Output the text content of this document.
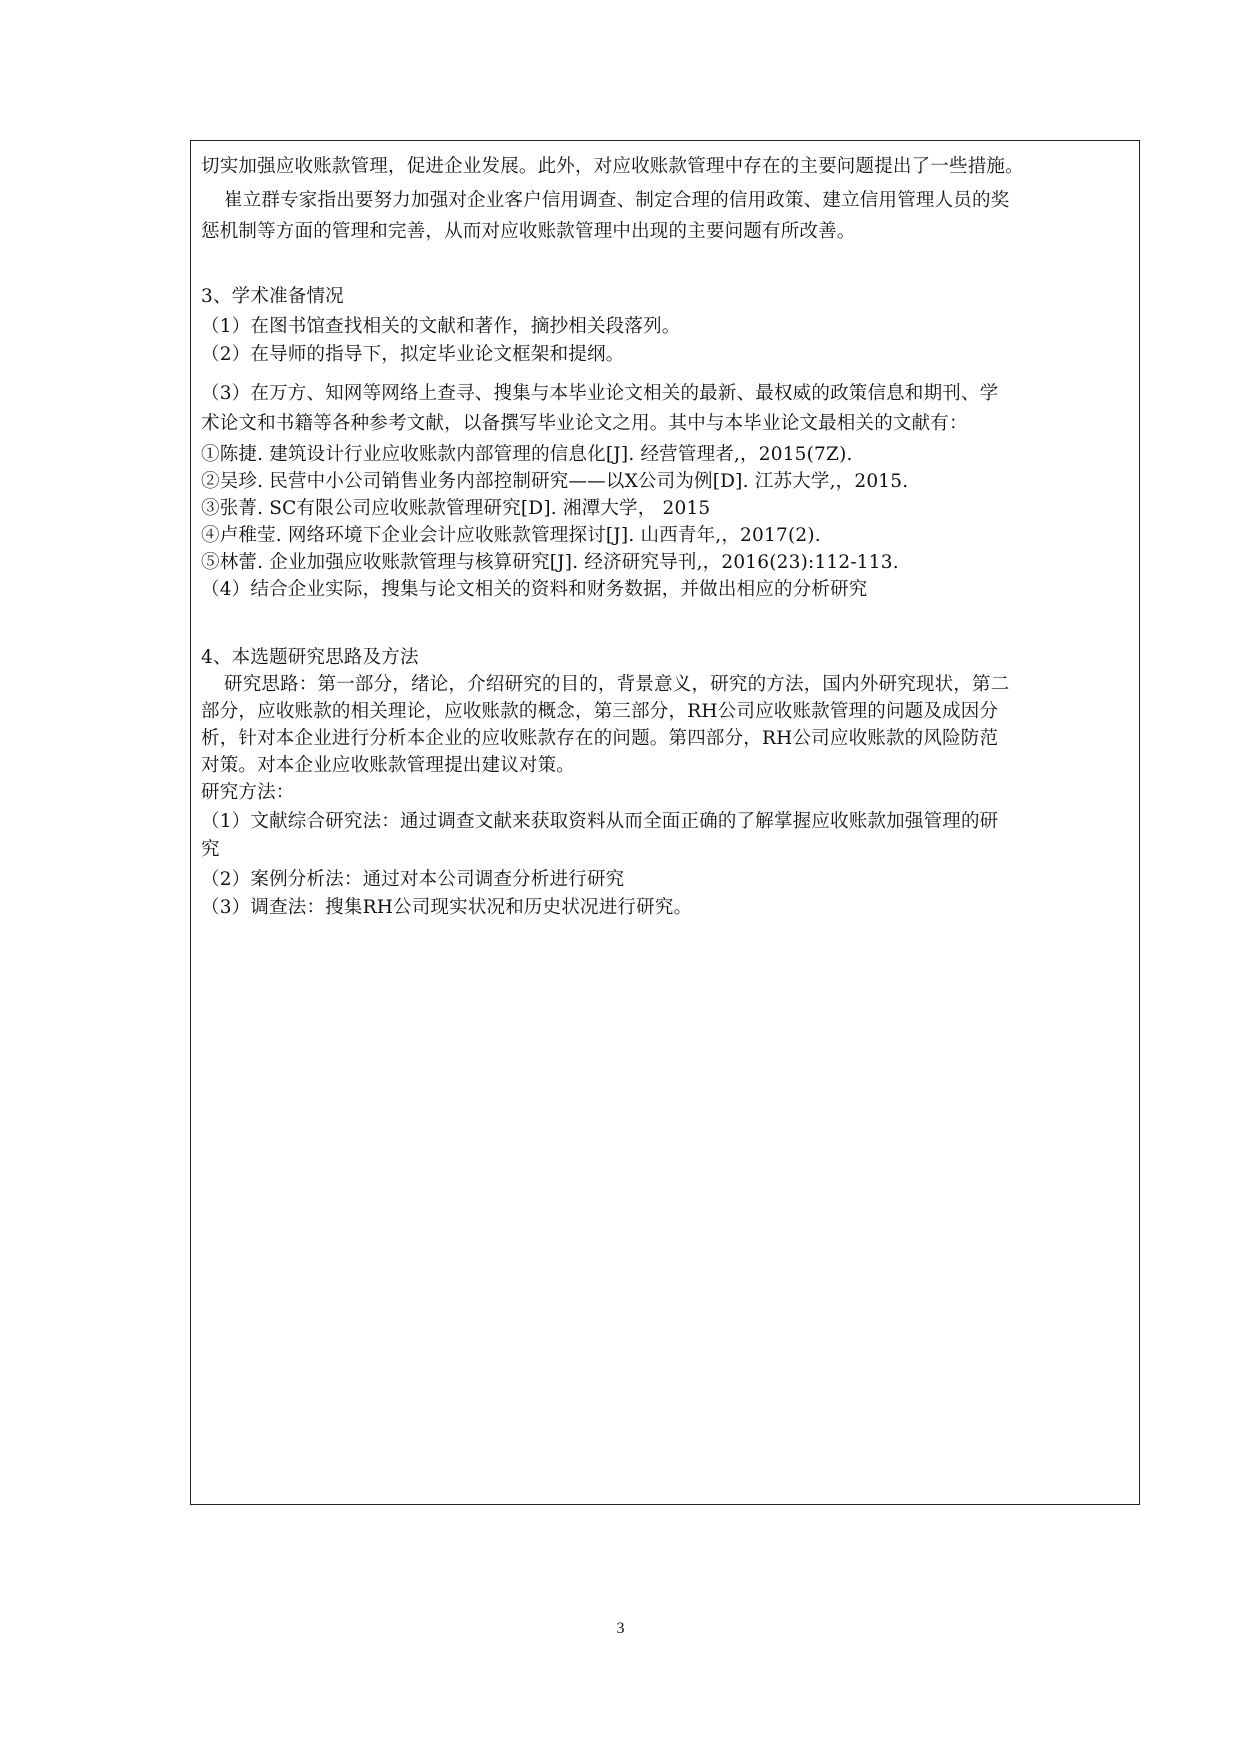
切实加强应收账款管理，促进企业发展。此外，对应收账款管理中存在的主要问题提出了一些措施。
崔立群专家指出要努力加强对企业客户信用调查、制定合理的信用政策、建立信用管理人员的奖
惩机制等方面的管理和完善，从而对应收账款管理中出现的主要问题有所改善。
3、学术准备情况
（1）在图书馆查找相关的文献和著作，摘抄相关段落列。
（2）在导师的指导下，拟定毕业论文框架和提纲。
（3）在万方、知网等网络上查寻、搜集与本毕业论文相关的最新、最权威的政策信息和期刊、学
术论文和书籍等各种参考文献，以备撰写毕业论文之用。其中与本毕业论文最相关的文献有：
①陈捷. 建筑设计行业应收账款内部管理的信息化[J]. 经营管理者,，2015(7Z).
②吴珍. 民营中小公司销售业务内部控制研究——以X公司为例[D]. 江苏大学,，2015.
③张菁. SC有限公司应收账款管理研究[D]. 湘潭大学， 2015
④卢稚莹. 网络环境下企业会计应收账款管理探讨[J]. 山西青年,，2017(2).
⑤林蕾. 企业加强应收账款管理与核算研究[J]. 经济研究导刊,，2016(23):112-113.
（4）结合企业实际，搜集与论文相关的资料和财务数据，并做出相应的分析研究
4、本选题研究思路及方法
研究思路：第一部分，绪论，介绍研究的目的，背景意义，研究的方法，国内外研究现状，第二
部分，应收账款的相关理论，应收账款的概念，第三部分，RH公司应收账款管理的问题及成因分
析，针对本企业进行分析本企业的应收账款存在的问题。第四部分，RH公司应收账款的风险防范
对策。对本企业应收账款管理提出建议对策。
研究方法：
（1）文献综合研究法：通过调查文献来获取资料从而全面正确的了解掌握应收账款加强管理的研
究
（2）案例分析法：通过对本公司调查分析进行研究
（3）调查法：搜集RH公司现实状况和历史状况进行研究。
3
